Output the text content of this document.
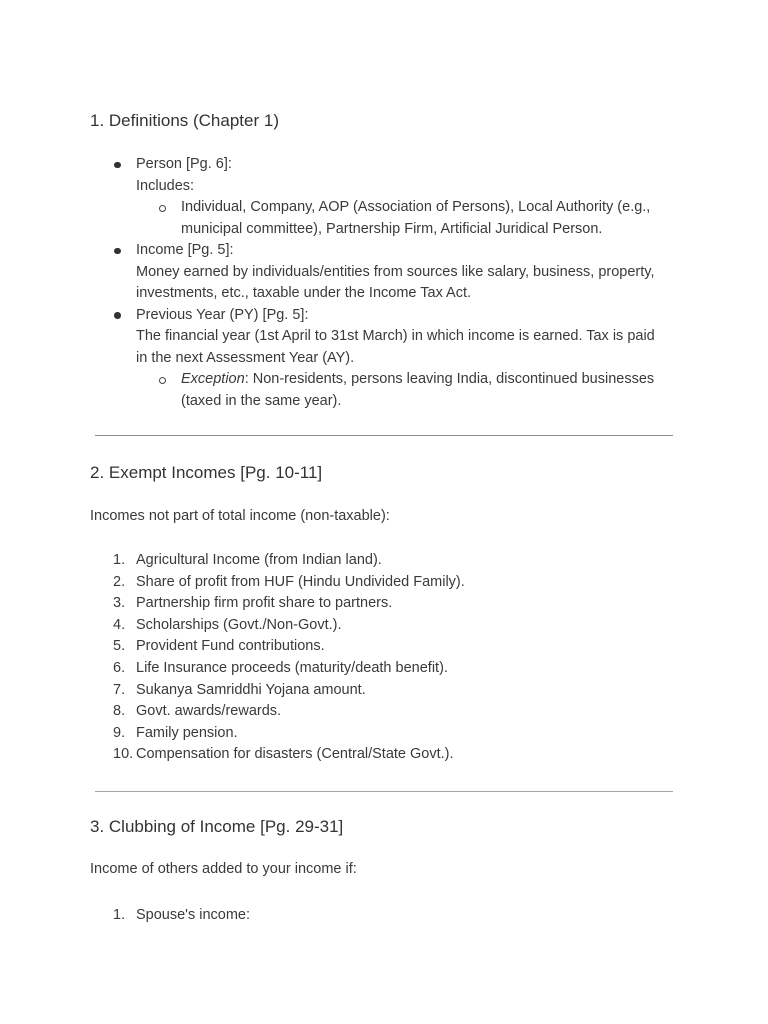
1. Definitions (Chapter 1)
Person [Pg. 6]:
Includes:
Individual, Company, AOP (Association of Persons), Local Authority (e.g.,
municipal committee), Partnership Firm, Artificial Juridical Person.
Income [Pg. 5]:
Money earned by individuals/entities from sources like salary, business, property,
investments, etc., taxable under the Income Tax Act.
Previous Year (PY) [Pg. 5]:
The financial year (1st April to 31st March) in which income is earned. Tax is paid
in the next Assessment Year (AY).
Exception: Non-residents, persons leaving India, discontinued businesses
(taxed in the same year).
2. Exempt Incomes [Pg. 10-11]
Incomes not part of total income (non-taxable):
1. Agricultural Income (from Indian land).
2. Share of profit from HUF (Hindu Undivided Family).
3. Partnership firm profit share to partners.
4. Scholarships (Govt./Non-Govt.).
5. Provident Fund contributions.
6. Life Insurance proceeds (maturity/death benefit).
7. Sukanya Samriddhi Yojana amount.
8. Govt. awards/rewards.
9. Family pension.
10. Compensation for disasters (Central/State Govt.).
3. Clubbing of Income [Pg. 29-31]
Income of others added to your income if:
1. Spouse's income:
